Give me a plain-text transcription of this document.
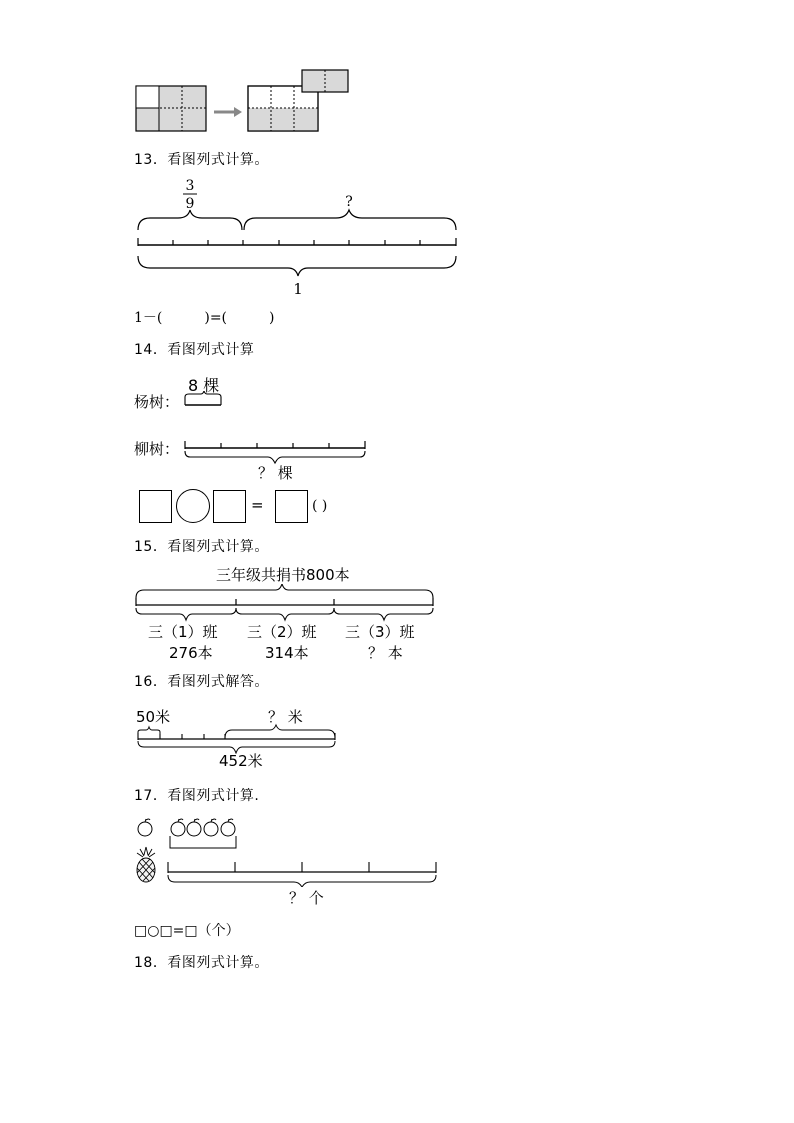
13．看图列式计算。
3
9	?
1
1－(　　　)=(　　　)
14．看图列式计算
杨树：
8 棵
柳树：
？ 棵
=	( )
15．看图列式计算。
三年级共捐书800本
三（1）班 三（2）班 三（3）班
276本	314本	？ 本
16．看图列式解答。
50米	？ 米
452米
17．看图列式计算.
？ 个
□○□=□（个）
18．看图列式计算。
